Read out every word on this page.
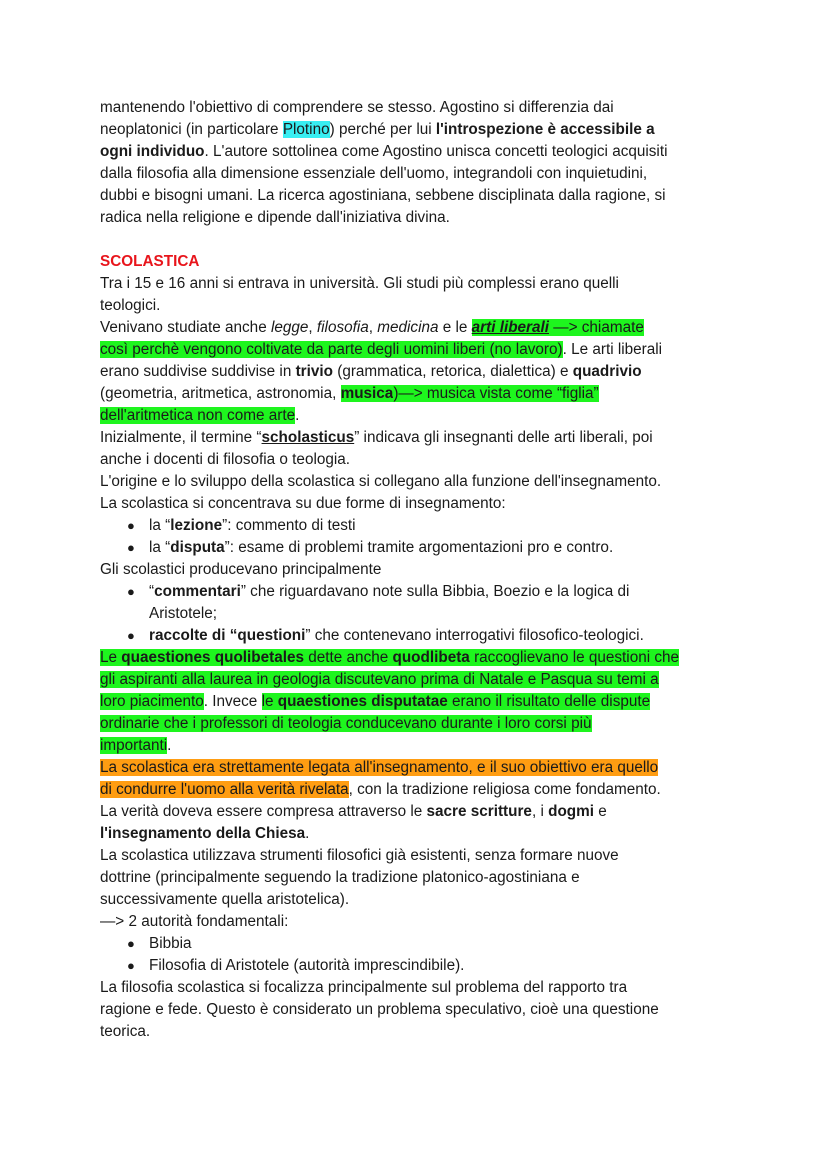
mantenendo l'obiettivo di comprendere se stesso. Agostino si differenzia dai
neoplatonici (in particolare Plotino) perché per lui l'introspezione è accessibile a
ogni individuo. L'autore sottolinea come Agostino unisca concetti teologici acquisiti
dalla filosofia alla dimensione essenziale dell'uomo, integrandoli con inquietudini,
dubbi e bisogni umani. La ricerca agostiniana, sebbene disciplinata dalla ragione, si
radica nella religione e dipende dall'iniziativa divina.
SCOLASTICA
Tra i 15 e 16 anni si entrava in università. Gli studi più complessi erano quelli
teologici.
Venivano studiate anche legge, filosofia, medicina e le arti liberali —> chiamate
così perchè vengono coltivate da parte degli uomini liberi (no lavoro). Le arti liberali
erano suddivise suddivise in trivio (grammatica, retorica, dialettica) e quadrivio
(geometria, aritmetica, astronomia, musica)—> musica vista come “figlia”
dell'aritmetica non come arte.
Inizialmente, il termine “scholasticus” indicava gli insegnanti delle arti liberali, poi
anche i docenti di filosofia o teologia.
L'origine e lo sviluppo della scolastica si collegano alla funzione dell'insegnamento.
La scolastica si concentrava su due forme di insegnamento:
● la “lezione”: commento di testi
● la “disputa”: esame di problemi tramite argomentazioni pro e contro.
Gli scolastici producevano principalmente
● “commentari” che riguardavano note sulla Bibbia, Boezio e la logica di
Aristotele;
● raccolte di “questioni” che contenevano interrogativi filosofico-teologici.
Le quaestiones quolibetales dette anche quodlibeta raccoglievano le questioni che
gli aspiranti alla laurea in geologia discutevano prima di Natale e Pasqua su temi a
loro piacimento. Invece le quaestiones disputatae erano il risultato delle dispute
ordinarie che i professori di teologia conducevano durante i loro corsi più
importanti.
La scolastica era strettamente legata all'insegnamento, e il suo obiettivo era quello
di condurre l'uomo alla verità rivelata, con la tradizione religiosa come fondamento.
La verità doveva essere compresa attraverso le sacre scritture, i dogmi e
l'insegnamento della Chiesa.
La scolastica utilizzava strumenti filosofici già esistenti, senza formare nuove
dottrine (principalmente seguendo la tradizione platonico-agostiniana e
successivamente quella aristotelica).
—> 2 autorità fondamentali:
● Bibbia
● Filosofia di Aristotele (autorità imprescindibile).
La filosofia scolastica si focalizza principalmente sul problema del rapporto tra
ragione e fede. Questo è considerato un problema speculativo, cioè una questione
teorica.
